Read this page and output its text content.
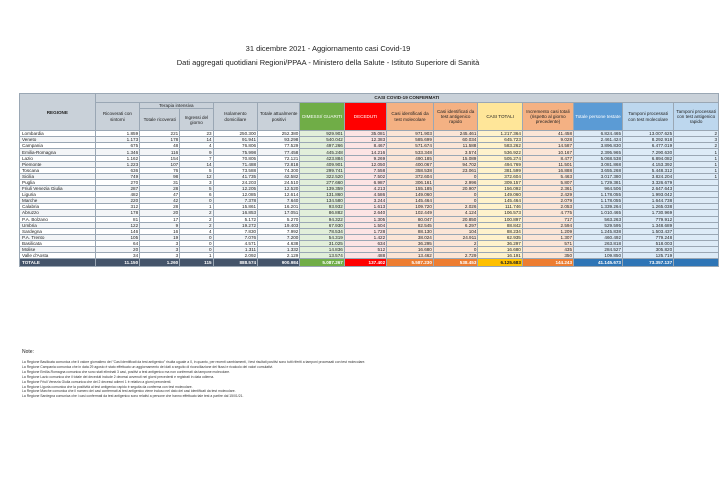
31 dicembre 2021 - Aggiornamento casi Covid-19
Dati aggregati quotidiani Regioni/PPAA - Ministero della Salute - Istituto Superiore di Sanità
REGIONE	CASI COVID-19 CONFERMATI													
	Ricoverati con sintomi	Terapia intensiva		Isolamento domiciliare	Totale attualmente positivi	DIMESSI/ GUARITI	DECEDUTI	Casi identificati da test molecolare	Casi identificati da test antigenico rapido	CASI TOTALI	Incremento casi totali (rispetto al giorno precedente)	Totale persone testate	Tamponi processati con test molecolare	Tamponi processati con test antigenico rapido
		Totale ricoverati	Ingressi del giorno											
Lombardia	1.859	221	23	250.300	252.380	929.901	35.081	971.903	245.461	1.217.364	41.458	6.824.465	13.007.625	2
Veneto	1.173	178	14	91.941	93.298	540.042	12.383	585.699	60.034	645.723	9.028	2.461.424	8.292.918	3
Campania	675	48	4	76.806	77.529	497.266	8.467	571.674	11.588	583.262	14.587	3.896.830	6.477.019	2
Emilia-Romagna	1.346	116	9	75.998	77.458	445.248	14.216	533.348	3.574	536.922	10.167	2.395.965	7.290.630	1
Lazio	1.162	154	7	70.805	72.121	423.884	9.269	490.185	15.089	505.274	8.477	5.068.538	6.894.082	1
Piemonte	1.223	107	14	71.488	72.818	409.901	12.050	400.067	94.702	494.769	11.501	3.081.868	4.153.392	1
Toscana	636	76	5	73.588	74.300	299.741	7.558	358.538	23.061	381.599	16.888	3.655.268	5.448.312	1
Sicilia	749	98	12	41.735	42.582	322.520	7.502	372.604	0	372.604	5.463	3.017.380	3.824.204	1
Puglia	270	31	3	24.203	24.510	277.660	6.987	306.161	2.996	309.157	5.807	1.729.381	3.326.679	
Friuli Venezia Giulia	287	28	5	12.205	12.520	139.359	4.213	155.185	20.907	156.092	2.361	964.506	2.647.643	
Liguria	482	47	6	12.085	12.614	131.860	4.586	149.060	0	149.060	2.429	1.178.055	1.993.042	
Marche	220	42	0	7.378	7.640	134.580	3.244	145.464	0	145.464	2.079	1.178.055	1.644.738	
Calabria	312	28	1	15.861	16.201	93.932	1.613	109.720	2.026	111.746	2.053	1.339.264	1.265.038	
Abruzzo	178	20	2	16.853	17.051	86.882	2.640	102.449	4.124	106.573	4.775	1.010.465	1.730.969	
P.A. Bolzano	81	17	2	5.172	5.270	94.322	1.305	80.047	20.850	100.897	717	563.263	779.912	
Umbria	122	9	2	19.272	19.403	67.930	1.504	82.545	6.297	88.842	2.594	529.595	1.348.689	
Sardegna	146	16	4	7.830	7.992	78.534	1.728	88.130	104	88.234	1.209	1.245.838	1.503.437	
P.A. Trento	105	19	0	7.076	7.200	54.319	1.422	38.024	24.911	62.935	1.307	460.492	779.248	
Basilicata	64	3	0	4.571	4.638	31.025	634	36.295	2	36.297	571	263.818	518.003	
Molise	20	3	0	1.311	1.332	14.836	512	16.680	0	16.680	435	284.527	305.820	
Valle d'Aosta	34	3	1	2.092	2.129	13.574	488	13.462	2.729	16.191	350	109.850	125.719	
TOTALE	11.150	1.260	115	888.574	900.984	5.087.267	137.402	5.587.230	538.453	6.125.683	144.243	41.145.673	73.357.137	
Note:
La Regione Basilicata comunica che il valore giornaliero dei "Casi identificati da test antigenico" risulta uguale a 0, in quanto, per recenti cambiamenti, i test risultati positivi sono tutti riferiti a tamponi processati con test molecolare.
La Regione Campania comunica che in data 29 agosto è stato effettuato un aggiornamento dei dati a seguito di riconciliazione dei flussi e ricalcolo dei valori cumulativi.
La Regione Emilia-Romagna comunica che sono stati eliminati 3 casi, positivi a test antigenico ma non confermati da tampone molecolare.
La Regione Lazio comunica che il totale dei deceduti include 2 decessi avvenuti nei giorni precedenti e registrati in data odierna.
La Regione Friuli Venezia Giulia comunica che dei 2 decessi odierni 1 è relativo a giorni precedenti.
La Regione Liguria comunica che la positività al test antigenico rapido è seguita da conferma con test molecolare.
La Regione Marche comunica che il numero dei casi confermati al test antigenico viene incluso nel dato dei casi identificati da test molecolare.
La Regione Sardegna comunica che i casi confermati da test antigenico sono relativi a persone che hanno effettuato tale test a partire dal 15/01/21.
